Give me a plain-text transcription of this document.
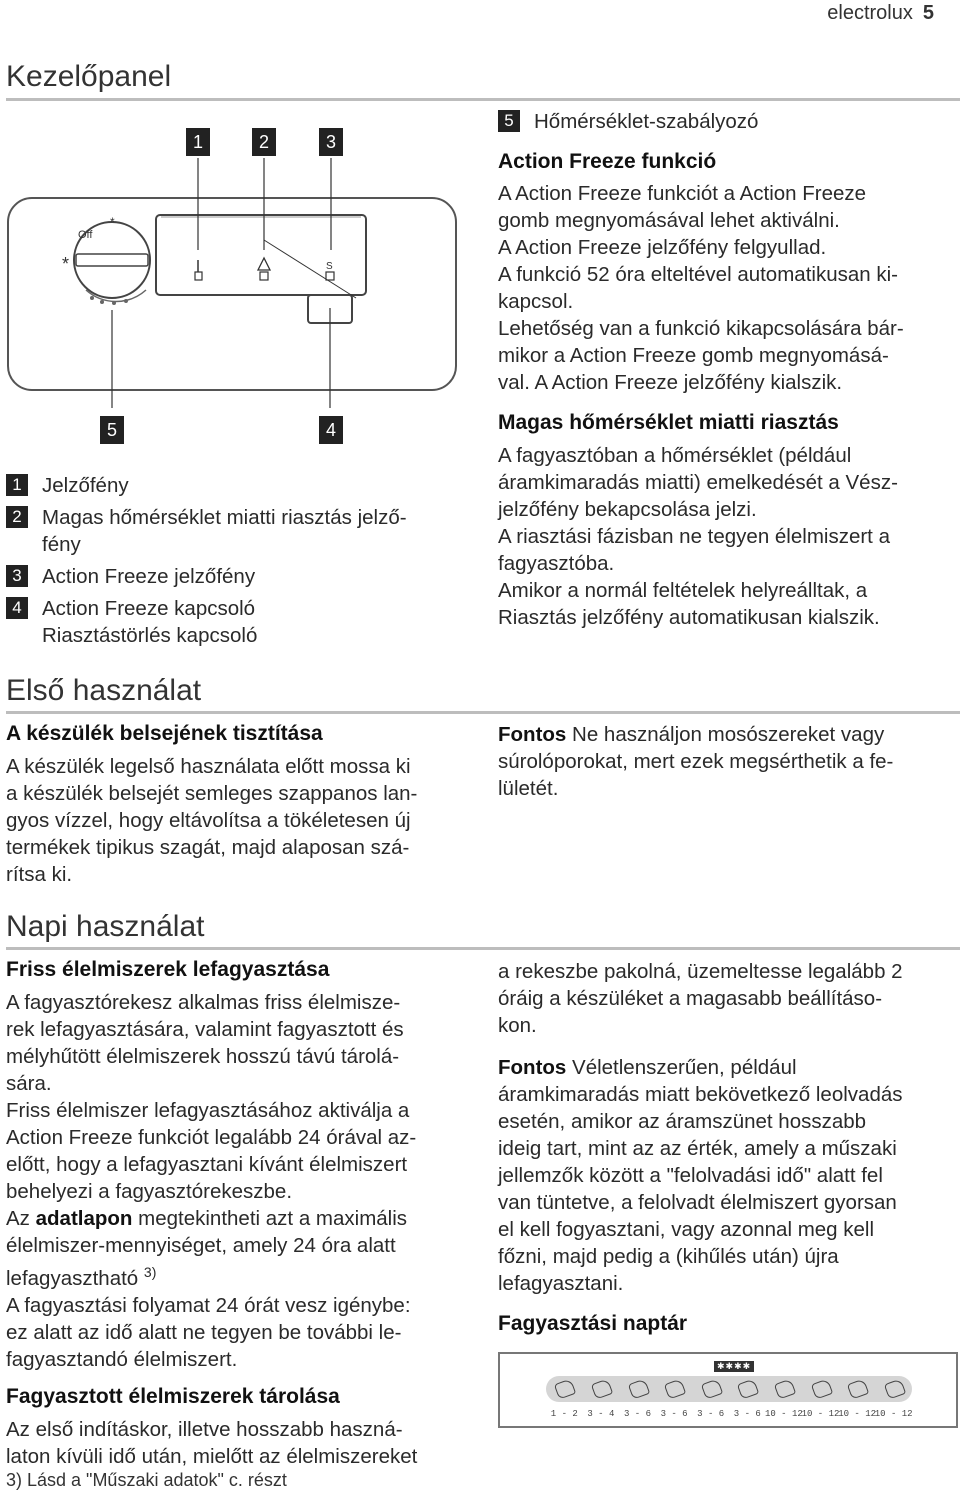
electrolux 5
Kezelőpanel
S
Off
*
*
1	2	3
4
5
1 Jelzőfény
2 Magas hőmérséklet miatti riasztás jelző-fény
3 Action Freeze jelzőfény
4 Action Freeze kapcsoló Riasztástörlés kapcsoló
5 Hőmérséklet-szabályozó
Action Freeze funkció
A Action Freeze funkciót a Action Freeze
gomb megnyomásával lehet aktiválni.
A Action Freeze jelzőfény felgyullad.
A funkció 52 óra elteltével automatikusan ki-
kapcsol.
Lehetőség van a funkció kikapcsolására bár-
mikor a Action Freeze gomb megnyomásá-
val. A Action Freeze jelzőfény kialszik.
Magas hőmérséklet miatti riasztás
A fagyasztóban a hőmérséklet (például
áramkimaradás miatti) emelkedését a Vész-
jelzőfény bekapcsolása jelzi.
A riasztási fázisban ne tegyen élelmiszert a
fagyasztóba.
Amikor a normál feltételek helyreálltak, a
Riasztás jelzőfény automatikusan kialszik.
Első használat
A készülék belsejének tisztítása
A készülék legelső használata előtt mossa ki
a készülék belsejét semleges szappanos lan-
gyos vízzel, hogy eltávolítsa a tökéletesen új
termékek tipikus szagát, majd alaposan szá-
rítsa ki.
Fontos Ne használjon mosószereket vagy
súrolóporokat, mert ezek megsérthetik a fe-
lületét.
Napi használat
Friss élelmiszerek lefagyasztása
A fagyasztórekesz alkalmas friss élelmisze-
rek lefagyasztására, valamint fagyasztott és
mélyhűtött élelmiszerek hosszú távú tárolá-
sára.
Friss élelmiszer lefagyasztásához aktiválja a
Action Freeze funkciót legalább 24 órával az-
előtt, hogy a lefagyasztani kívánt élelmiszert
behelyezi a fagyasztórekeszbe.
Az adatlapon megtekintheti azt a maximális
élelmiszer-mennyiséget, amely 24 óra alatt
lefagyasztható $^{3)}$
A fagyasztási folyamat 24 órát vesz igénybe:
ez alatt az idő alatt ne tegyen be további le-
fagyasztandó élelmiszert.
Fagyasztott élelmiszerek tárolása
Az első indításkor, illetve hosszabb haszná-
laton kívüli idő után, mielőtt az élelmiszereket
3) Lásd a "Műszaki adatok" c. részt
a rekeszbe pakolná, üzemeltesse legalább 2
óráig a készüléket a magasabb beállításo-
kon.
Fontos Véletlenszerűen, például
áramkimaradás miatt bekövetkező leolvadás
esetén, amikor az áramszünet hosszabb
ideig tart, mint az az érték, amely a műszaki
jellemzők között a "felolvadási idő" alatt fel
van tüntetve, a felolvadt élelmiszert gyorsan
el kell fogyasztani, vagy azonnal meg kell
főzni, majd pedig a (kihűlés után) újra
lefagyasztani.
Fagyasztási naptár
✱✱✱✱
1 - 2	3 - 4	3 - 6	3 - 6	3 - 6	3 - 6 10 - 12
10 - 12
10 - 12
10 - 12
